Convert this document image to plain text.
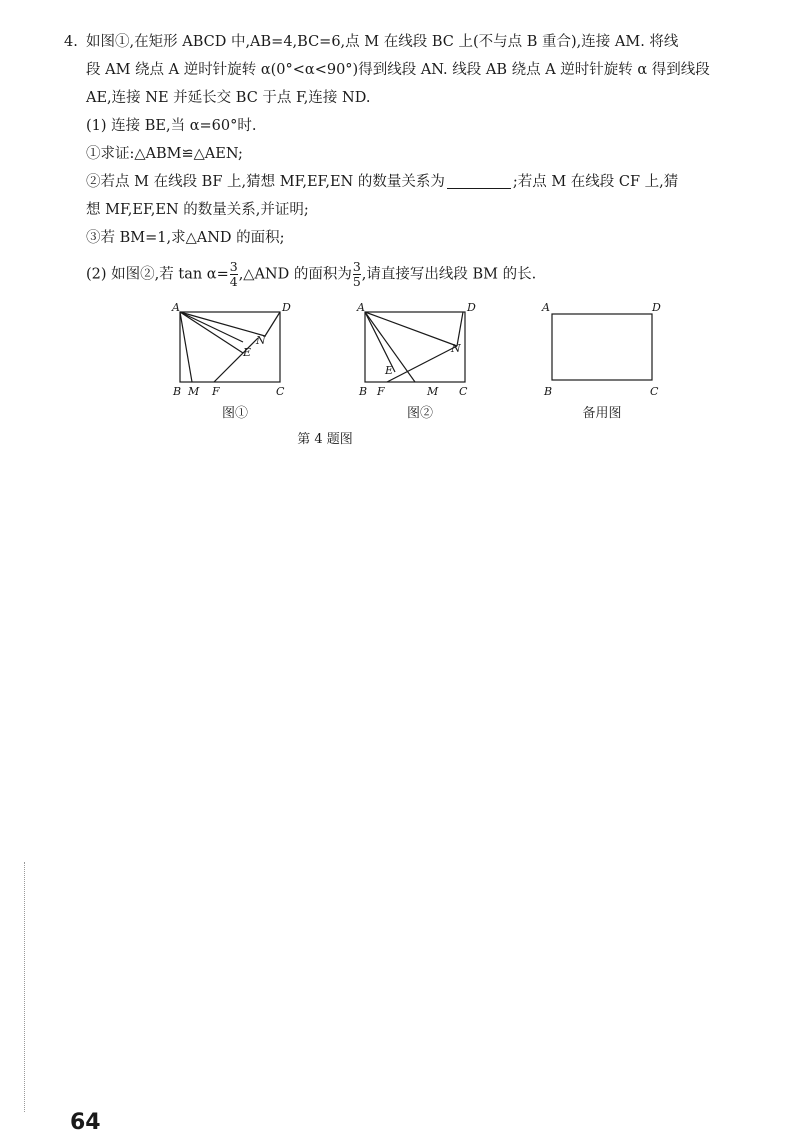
4. 如图①,在矩形 ABCD 中,AB=4,BC=6,点 M 在线段 BC 上(不与点 B 重合),连接 AM. 将线
段 AM 绕点 A 逆时针旋转 α(0°<α<90°)得到线段 AN. 线段 AB 绕点 A 逆时针旋转 α 得到线段
AE,连接 NE 并延长交 BC 于点 F,连接 ND.
(1) 连接 BE,当 α=60°时.
①求证:△ABM≌△AEN;
②若点 M 在线段 BF 上,猜想 MF,EF,EN 的数量关系为	;若点 M 在线段 CF 上,猜
想 MF,EF,EN 的数量关系,并证明;
③若 BM=1,求△AND 的面积;
(2) 如图②,若 $\tan \alpha= \frac{3}{4}$ ,△AND 的面积为 $\frac{3}{5}$ ,请直接写出线段 BM 的长.
A	D
B M F	C
N
E
图①
A	D
B F	M C
N
E
图②
A	D
B	C
备用图
第 4 题图
64
